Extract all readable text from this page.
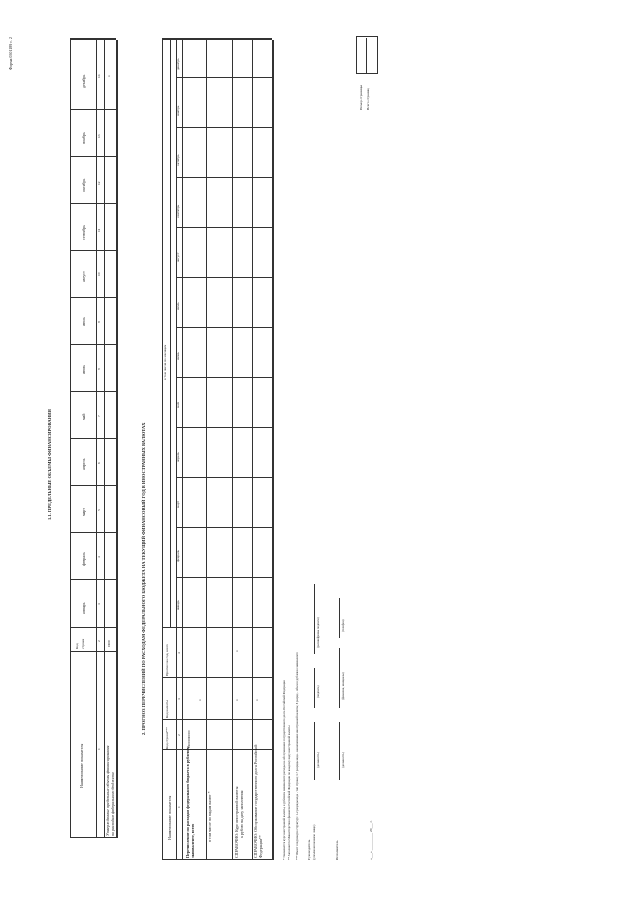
Форма 0501189 с. 2
1.1. ПРЕДЕЛЬНЫЕ ОБЪЕМЫ ФИНАНСИРОВАНИЯ
Наименование показателя
Код строки
январь
февраль
март
апрель
май
июнь
июль
август
сентябрь
октябрь
ноябрь
декабрь
1
2
3
4
5
6
7
8
9
10
11
12
13
14
Утвержденные предельные объемы финансирования по расходам федерального бюджета
0100
х
2. ПРОГНОЗ ПЕРЕЧИСЛЕНИЙ ПО РАСХОДАМ ФЕДЕРАЛЬНОГО БЮДЖЕТА НА ТЕКУЩИЙ ФИНАНСОВЫЙ ГОД В ИНОСТРАННЫХ ВАЛЮТАХ
Наименование показателя
Код строки***
Код валюты
Прогноз на год, всего
в том числе по месяцам
январь
февраль
март
апрель
май
июнь
июль
август
сентябрь
октябрь
ноябрь
декабрь
1
2
3
4
Перечисление по расходам федерального бюджета в рублевом эквиваленте, всего
0100000000
х
в том числе по видам валют *	СПРАВОЧНО: Курс иностранной валюты к рублю на дату заполнения
х
х
СПРАВОЧНО: Обслуживание государственного долга Российской Федерации**
х	* Указывается курс иностранной валюты, в рублевом эквиваленте расходы на обслуживание государственного долга Российской Федерации ** Заполняется Министерством финансов Российской Федерации по каждому виду иностранной валюты *** Имеет следующую структуру: 1-2 разряды кода - тип строки; 3-7 разряды кода - наименование иностранной валюты; 8 разряд - объем в рублевом эквиваленте Руководитель (уполномоченное лицо)
(должность)
(подпись)
(расшифровка подписи)
Исполнитель
(должность)
(фамилия, инициалы)
(телефон)
«___» __________ 20___ г.
Номер страницы Всего страниц
